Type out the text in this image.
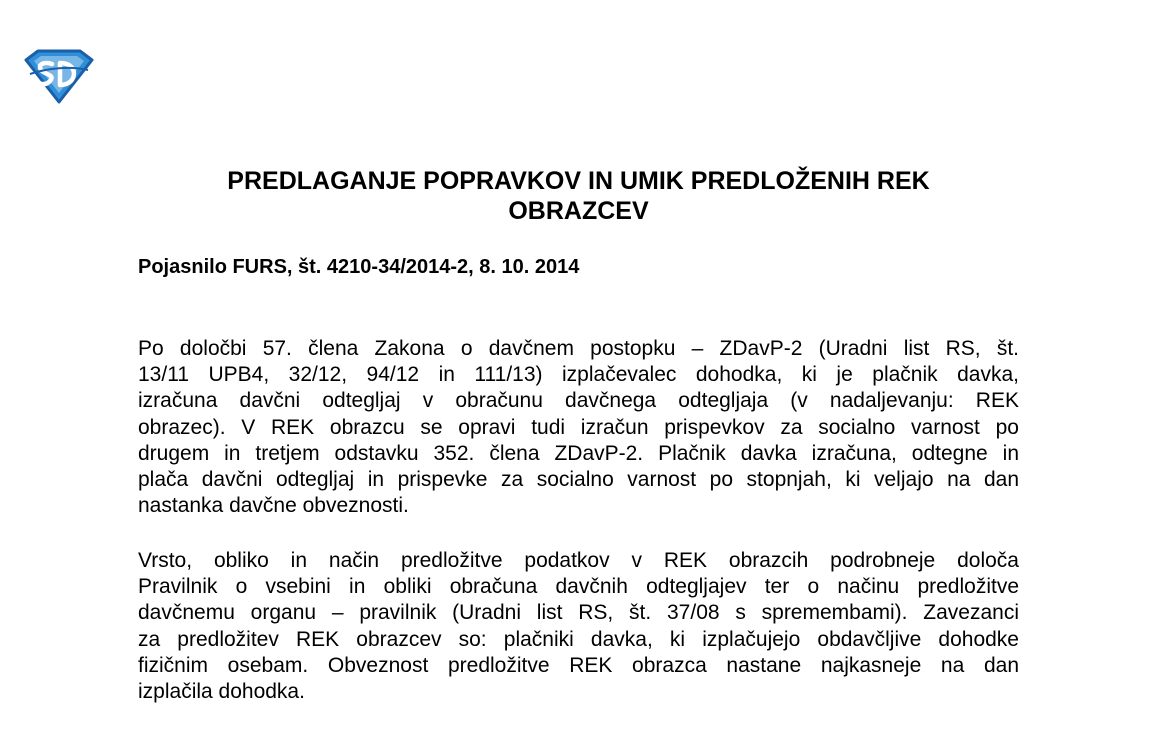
PREDLAGANJE POPRAVKOV IN UMIK PREDLOŽENIH REK
OBRAZCEV

Pojasnilo FURS, št. 4210-34/2014-2, 8. 10. 2014

Po določbi 57. člena Zakona o davčnem postopku – ZDavP-2 (Uradni list RS, št.
13/11 UPB4, 32/12, 94/12 in 111/13) izplačevalec dohodka, ki je plačnik davka,
izračuna davčni odtegljaj v obračunu davčnega odtegljaja (v nadaljevanju: REK
obrazec). V REK obrazcu se opravi tudi izračun prispevkov za socialno varnost po
drugem in tretjem odstavku 352. člena ZDavP-2. Plačnik davka izračuna, odtegne in
plača davčni odtegljaj in prispevke za socialno varnost po stopnjah, ki veljajo na dan
nastanka davčne obveznosti.
Vrsto, obliko in način predložitve podatkov v REK obrazcih podrobneje določa
Pravilnik o vsebini in obliki obračuna davčnih odtegljajev ter o načinu predložitve
davčnemu organu – pravilnik (Uradni list RS, št. 37/08 s spremembami). Zavezanci
za predložitev REK obrazcev so: plačniki davka, ki izplačujejo obdavčljive dohodke
fizičnim osebam. Obveznost predložitve REK obrazca nastane najkasneje na dan
izplačila dohodka.
